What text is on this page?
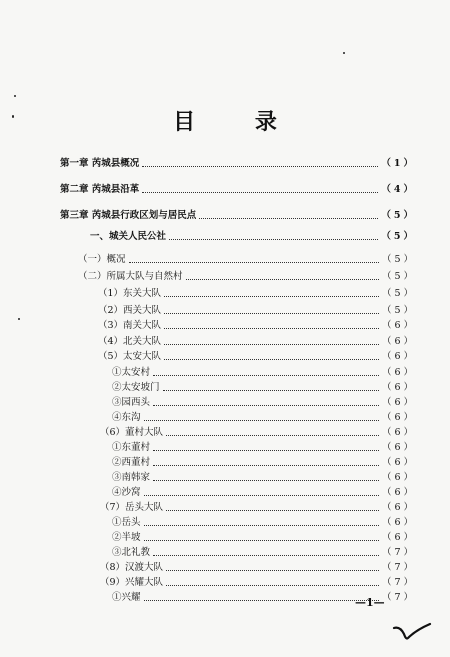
目 录
第一章 芮城县概况	（1）
第二章 芮城县沿革	（4）
第三章 芮城县行政区划与居民点	（5）
一、城关人民公社	（5）
（一）概况	（5）
（二）所属大队与自然村	（5）
（1）东关大队	（5）
（2）西关大队	（5）
（3）南关大队	（6）
（4）北关大队	（6）
（5）太安大队	（6）
①太安村	（6）
②太安坡门	（6）
③园西头	（6）
④东沟	（6）
（6）董村大队	（6）
①东董村	（6）
②西董村	（6）
③南韩家	（6）
④沙窝	（6）
（7）岳头大队	（6）
①岳头	（6）
②半坡	（6）
③北礼教	（7）
（8）汉渡大队	（7）
（9）兴耀大队	（7）
①兴耀	（7）
—1—
